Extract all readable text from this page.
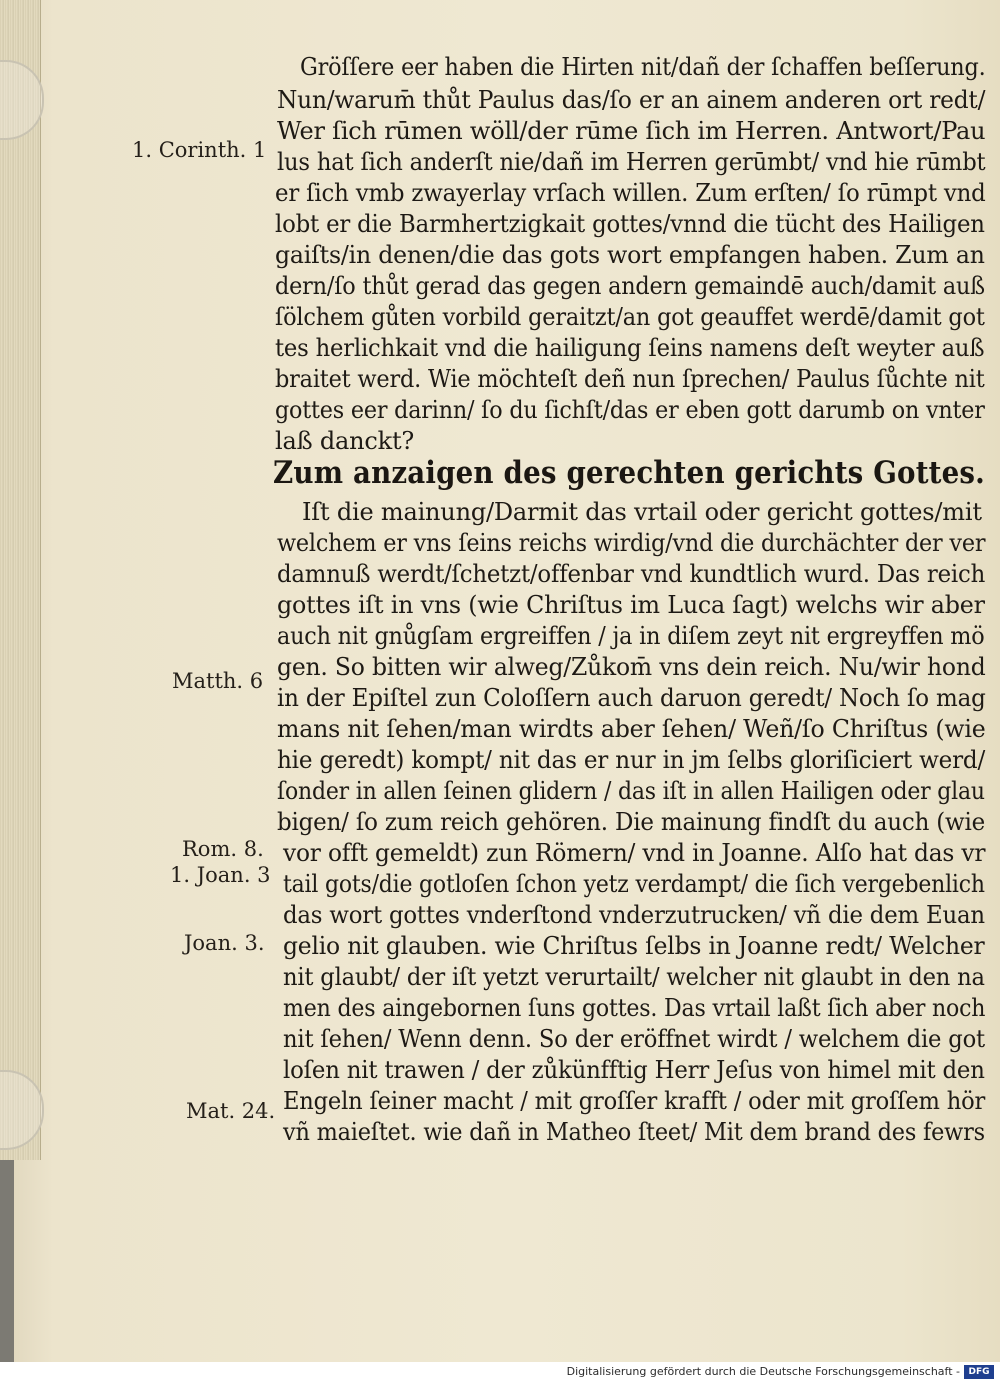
Gröſſere eer haben die Hirten nit/dañ der ſchaffen beſſerung.
Nun/warum̄ thůt Paulus das/ſo er an ainem anderen ort redt/
Wer ſich rūmen wöll/der rūme ſich im Herren. Antwort/Pau
lus hat ſich anderſt nie/dañ im Herren gerūmbt/ vnd hie rūmbt
er ſich vmb zwayerlay vrſach willen. Zum erſten/ ſo rūmpt vnd
lobt er die Barmhertzigkait gottes/vnnd die tücht des Hailigen
gaiſts/in denen/die das gots wort empfangen haben. Zum an
dern/ſo thůt gerad das gegen andern gemaindē auch/damit auß
ſölchem gůten vorbild geraitzt/an got geauffet werdē/damit got
tes herlichkait vnd die hailigung ſeins namens deſt weyter auß
braitet werd. Wie möchteſt deñ nun ſprechen/ Paulus ſůchte nit
gottes eer darinn/ ſo du ſichſt/das er eben gott darumb on vnter
laß danckt?
Zum anzaigen des gerechten gerichts Gottes.
Iſt die mainung/Darmit das vrtail oder gericht gottes/mit
welchem er vns ſeins reichs wirdig/vnd die durchächter der ver
damnuß werdt/ſchetzt/offenbar vnd kundtlich wurd. Das reich
gottes iſt in vns (wie Chriſtus im Luca ſagt) welchs wir aber
auch nit gnůgſam ergreiffen / ja in diſem zeyt nit ergreyffen mö
gen. So bitten wir alweg/Zůkom̄ vns dein reich. Nu/wir hond
in der Epiſtel zun Coloſſern auch daruon geredt/ Noch ſo mag
mans nit ſehen/man wirdts aber ſehen/ Weñ/ſo Chriſtus (wie
hie geredt) kompt/ nit das er nur in jm ſelbs gloriſiciert werd/
ſonder in allen ſeinen glidern / das iſt in allen Hailigen oder glau
bigen/ ſo zum reich gehören. Die mainung findſt du auch (wie
vor offt gemeldt) zun Römern/ vnd in Joanne. Alſo hat das vr
tail gots/die gotloſen ſchon yetz verdampt/ die ſich vergebenlich
das wort gottes vnderſtond vnderzutrucken/ vñ die dem Euan
gelio nit glauben. wie Chriſtus ſelbs in Joanne redt/ Welcher
nit glaubt/ der iſt yetzt verurtailt/ welcher nit glaubt in den na
men des aingebornen ſuns gottes. Das vrtail laßt ſich aber noch
nit ſehen/ Wenn denn. So der eröffnet wirdt / welchem die got
loſen nit trawen / der zůkünfftig Herr Jeſus von himel mit den
Engeln ſeiner macht / mit groſſer krafft / oder mit groſſem hör
vñ maieſtet. wie dañ in Matheo ſteet/ Mit dem brand des fewrs
1. Corinth. 1
Matth. 6
Rom. 8.
1. Joan. 3
Joan. 3.
Mat. 24.
Digitalisierung gefördert durch die Deutsche Forschungsgemeinschaft - DFG
